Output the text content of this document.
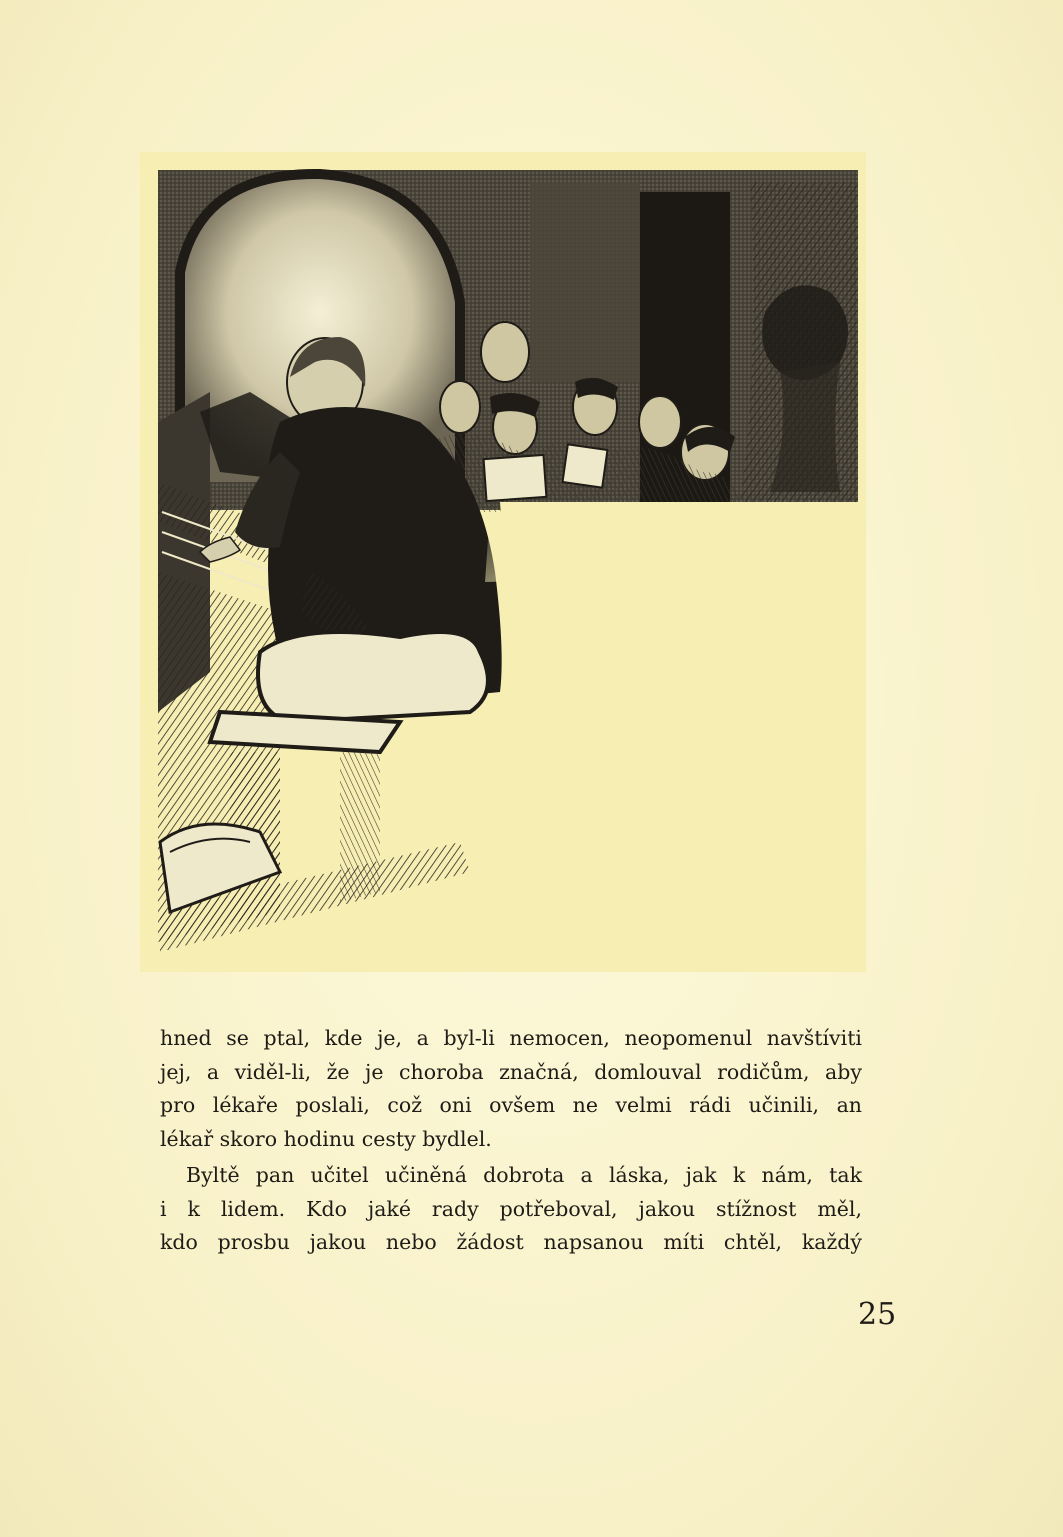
hned se ptal, kde je, a byl-li nemocen, neopomenul navštíviti
jej, a viděl-li, že je choroba značná, domlouval rodičům, aby
pro lékaře poslali, což oni ovšem ne velmi rádi učinili, an
lékař skoro hodinu cesty bydlel.
Byltě pan učitel učiněná dobrota a láska, jak k nám, tak
i k lidem. Kdo jaké rady potřeboval, jakou stížnost měl,
kdo prosbu jakou nebo žádost napsanou míti chtěl, každý
25
